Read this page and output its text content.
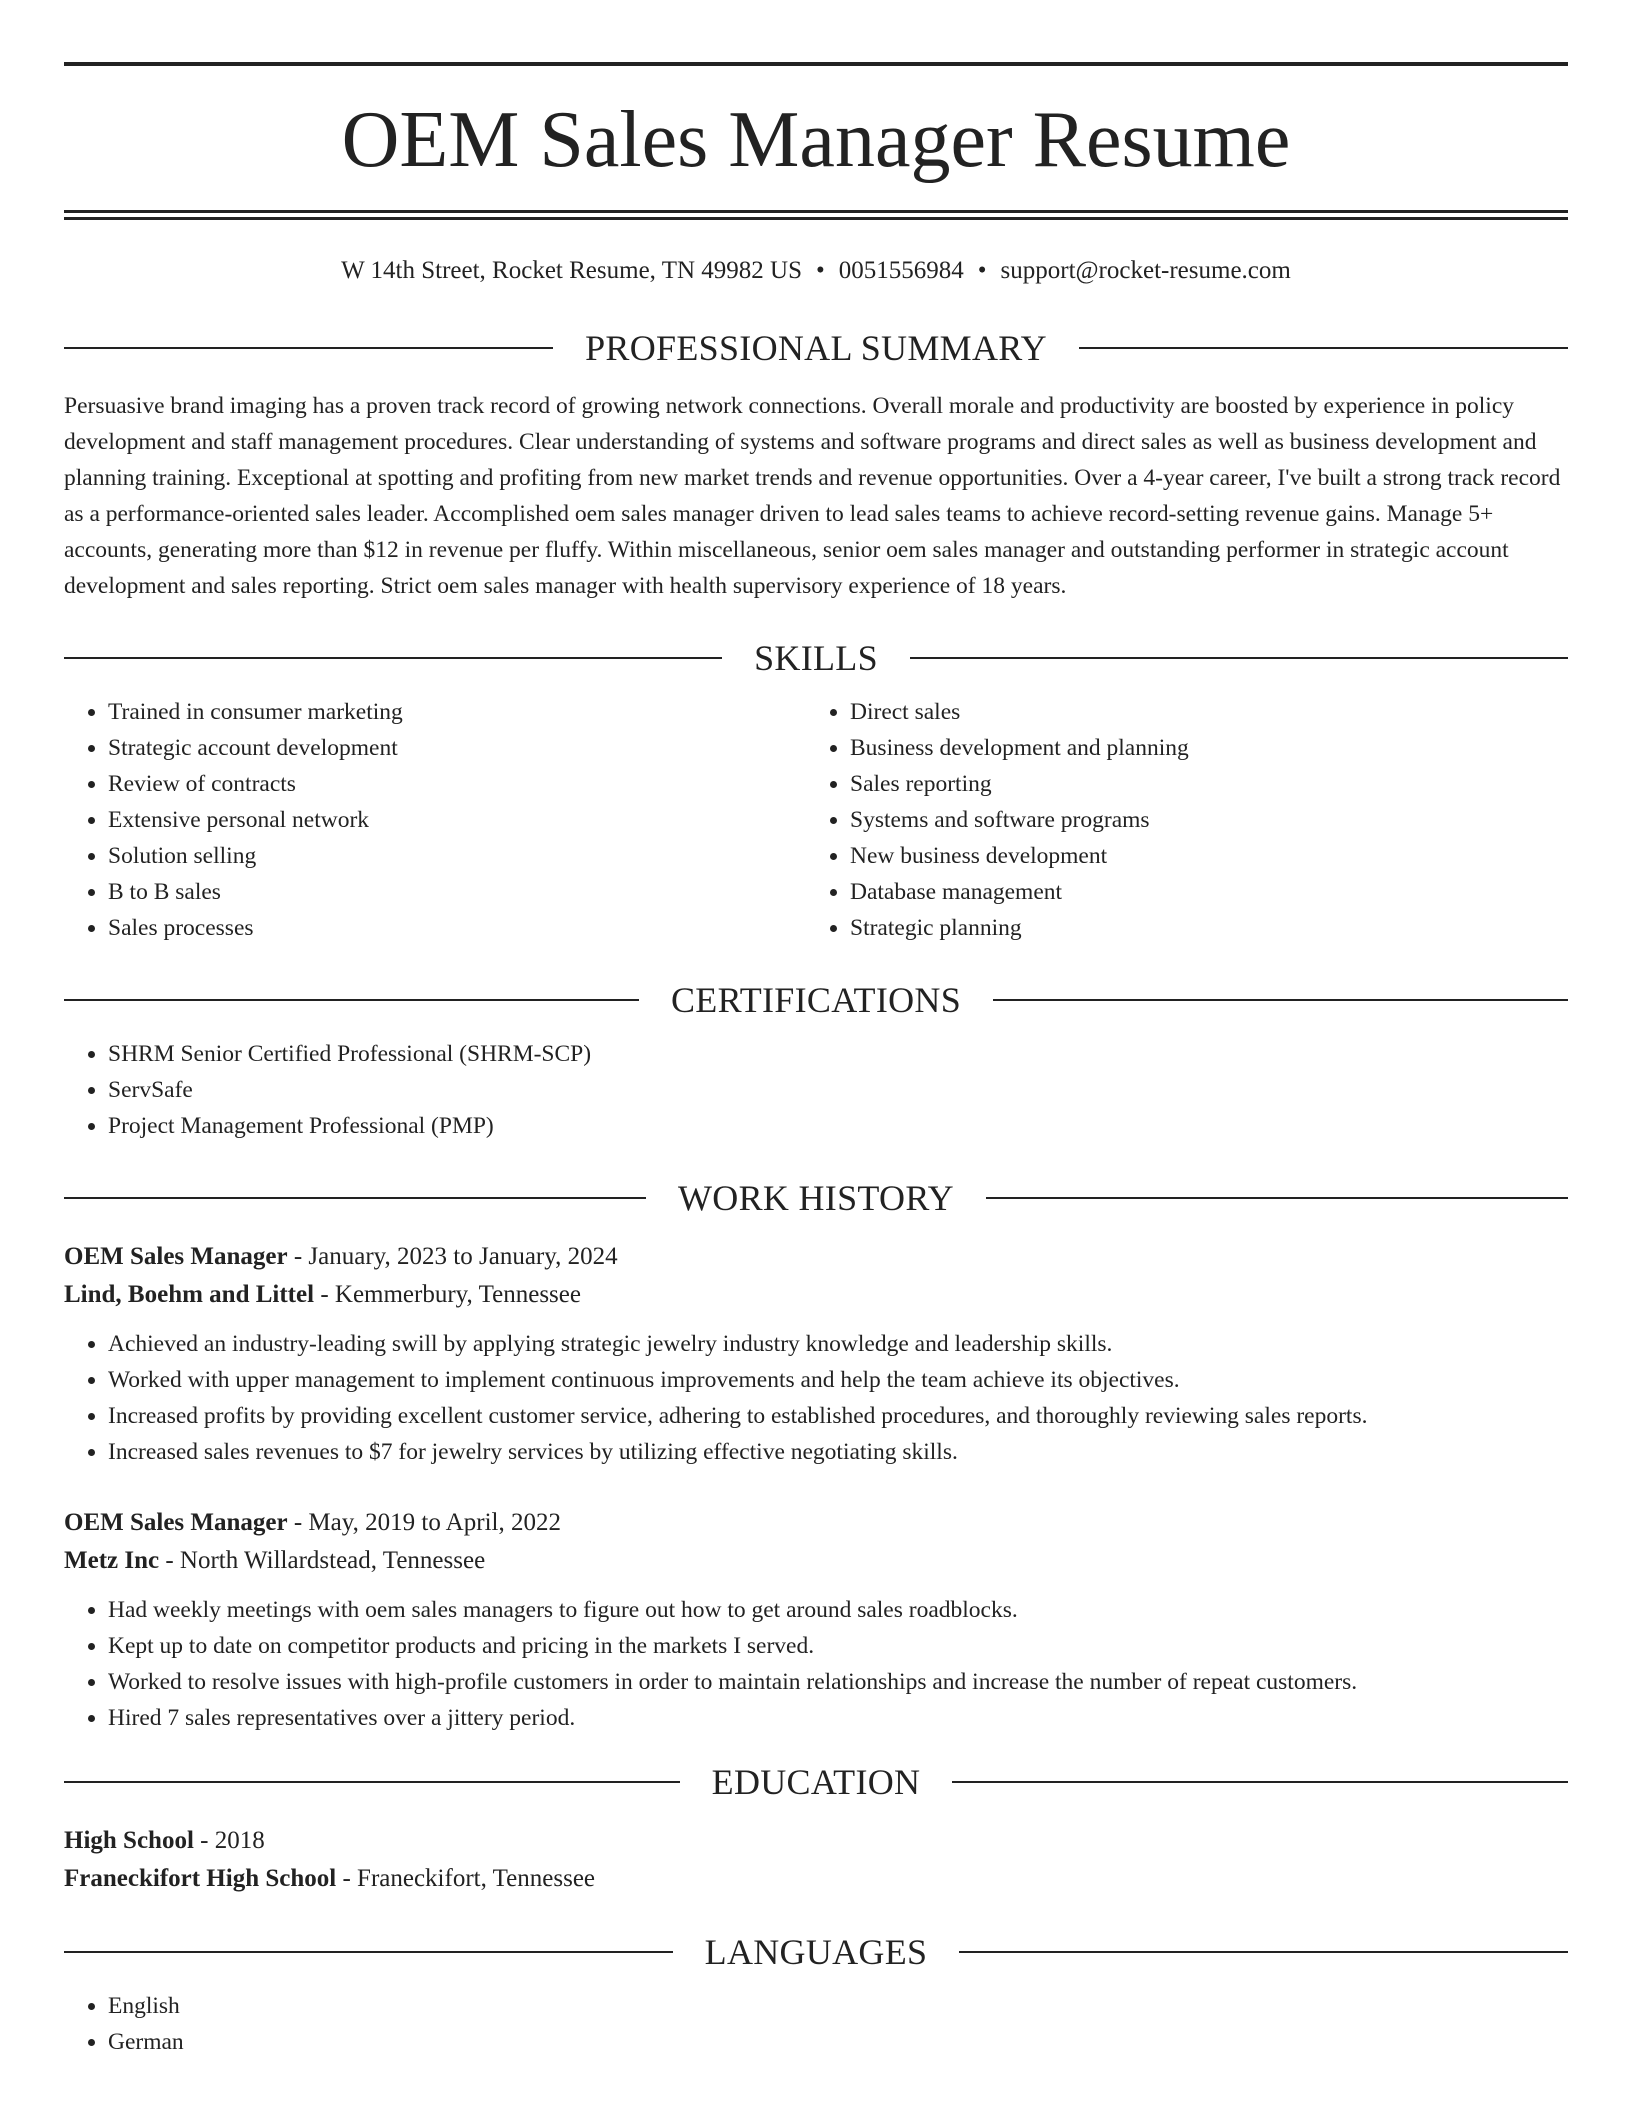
OEM Sales Manager Resume
W 14th Street, Rocket Resume, TN 49982 US • 0051556984 • support@rocket-resume.com
PROFESSIONAL SUMMARY

Persuasive brand imaging has a proven track record of growing network connections. Overall morale and productivity are boosted by experience in policy development and staff management procedures. Clear understanding of systems and software programs and direct sales as well as business development and planning training. Exceptional at spotting and profiting from new market trends and revenue opportunities. Over a 4-year career, I've built a strong track record as a performance-oriented sales leader. Accomplished oem sales manager driven to lead sales teams to achieve record-setting revenue gains. Manage 5+ accounts, generating more than $12 in revenue per fluffy. Within miscellaneous, senior oem sales manager and outstanding performer in strategic account development and sales reporting. Strict oem sales manager with health supervisory experience of 18 years.

SKILLS
• Trained in consumer marketing
• Strategic account development
• Review of contracts
• Extensive personal network
• Solution selling
• B to B sales
• Sales processes
• Direct sales
• Business development and planning
• Sales reporting
• Systems and software programs
• New business development
• Database management
• Strategic planning
CERTIFICATIONS
• SHRM Senior Certified Professional (SHRM-SCP)
• ServSafe
• Project Management Professional (PMP)
WORK HISTORY
OEM Sales Manager - January, 2023 to January, 2024
Lind, Boehm and Littel - Kemmerbury, Tennessee
• Achieved an industry-leading swill by applying strategic jewelry industry knowledge and leadership skills.
• Worked with upper management to implement continuous improvements and help the team achieve its objectives.
• Increased profits by providing excellent customer service, adhering to established procedures, and thoroughly reviewing sales reports.
• Increased sales revenues to $7 for jewelry services by utilizing effective negotiating skills.
OEM Sales Manager - May, 2019 to April, 2022
Metz Inc - North Willardstead, Tennessee
• Had weekly meetings with oem sales managers to figure out how to get around sales roadblocks.
• Kept up to date on competitor products and pricing in the markets I served.
• Worked to resolve issues with high-profile customers in order to maintain relationships and increase the number of repeat customers.
• Hired 7 sales representatives over a jittery period.
EDUCATION
High School - 2018
Franeckifort High School - Franeckifort, Tennessee
LANGUAGES
• English
• German
